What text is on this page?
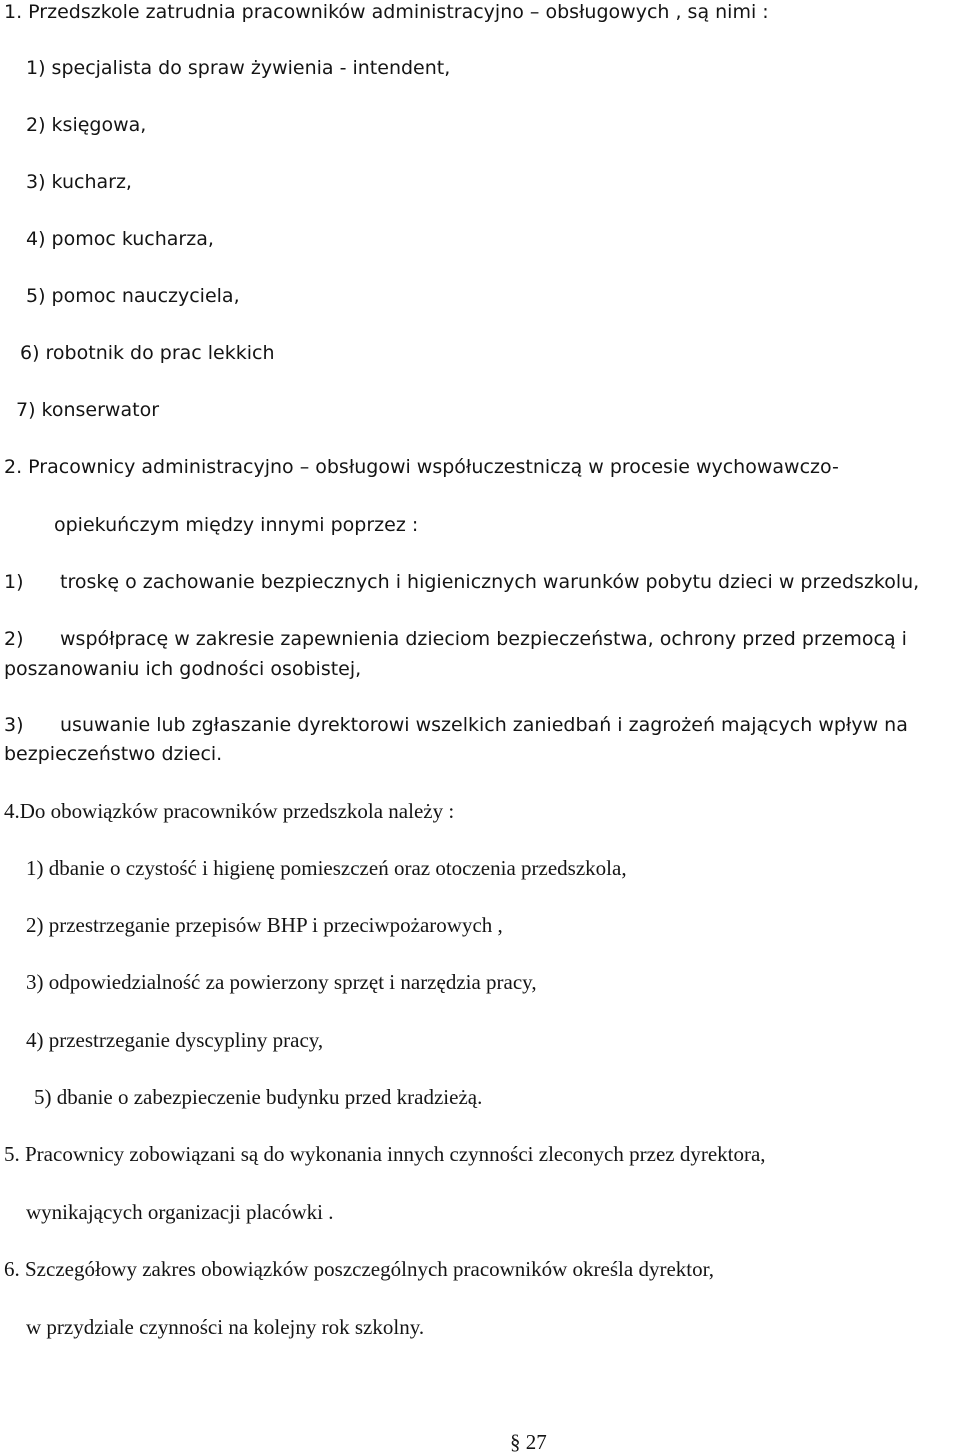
1. Przedszkole zatrudnia pracowników administracyjno – obsługowych , są nimi :
1) specjalista do spraw żywienia - intendent,
2) księgowa,
3) kucharz,
4) pomoc kucharza,
5) pomoc nauczyciela,
6) robotnik do prac lekkich
7) konserwator
2. Pracownicy administracyjno – obsługowi współuczestniczą w procesie wychowawczo-
opiekuńczym między innymi poprzez :
1) troskę o zachowanie bezpiecznych i higienicznych warunków pobytu dzieci w przedszkolu,
2) współpracę w zakresie zapewnienia dzieciom bezpieczeństwa, ochrony przed przemocą i
poszanowaniu ich godności osobistej,
3) usuwanie lub zgłaszanie dyrektorowi wszelkich zaniedbań i zagrożeń mających wpływ na
bezpieczeństwo dzieci.
4.Do obowiązków pracowników przedszkola należy :
1) dbanie o czystość i higienę pomieszczeń oraz otoczenia przedszkola,
2) przestrzeganie przepisów BHP i przeciwpożarowych ,
3) odpowiedzialność za powierzony sprzęt i narzędzia pracy,
4) przestrzeganie dyscypliny pracy,
5) dbanie o zabezpieczenie budynku przed kradzieżą.
5. Pracownicy zobowiązani są do wykonania innych czynności zleconych przez dyrektora,
wynikających organizacji placówki .
6. Szczegółowy zakres obowiązków poszczególnych pracowników określa dyrektor,
w przydziale czynności na kolejny rok szkolny.
§ 27
